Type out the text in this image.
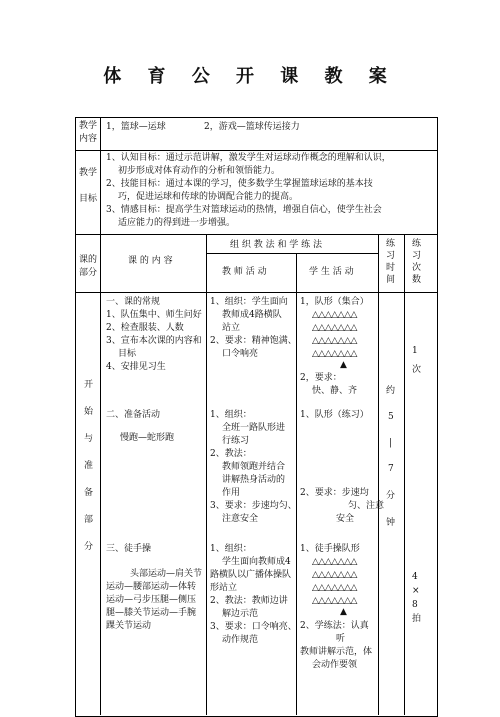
体 育 公 开 课 教 案
教学
内容
1，篮球—运球	2，游戏—篮球传运接力
教学
目标
1、认知目标：通过示范讲解，激发学生对运球动作概念的理解和认识，
初步形成对体育动作的分析和领悟能力。
2、技能目标：通过本课的学习，使多数学生掌握篮球运球的基本技
巧，促进运球和传球的协调配合能力的提高。
3、情感目标：提高学生对篮球运动的热情，增强自信心，使学生社会
适应能力的得到进一步增强。
课的
部分
课 的 内 容
组 织 教 法 和 学 练 法
教 师 活 动	学 生 活 动
练
习
时
间
练
习
次
数
开
始
与
准
备
部
分
一、课的常规
1、队伍集中、师生问好
2、检查服装、人数
3、宣布本次课的内容和
目标
4、安排见习生
二、准备活动
慢跑—蛇形跑
三、徒手操
头部运动—肩关节
运动—腰部运动—体转
运动—弓步压腿—侧压
腿—膝关节运动—手腕
踝关节运动
1、组织：学生面向
教师成4路横队
站立
2、要求：精神饱满、
口令响亮
1、组织：
全班一路队形进
行练习
2、教法：
教师领跑并结合
讲解热身活动的
作用
3、要求：步速均匀、
注意安全
1、组织：
学生面向教师成4
路横队以广播体操队
形站立
2、教法：教师边讲
解边示范
3、要求：口令响亮、
动作规范
1，队形（集合）
△△△△△△△
△△△△△△△
△△△△△△△
△△△△△△△
▲
2，要求：
快、静、齐
1、队形（练习）
2、要求：步速均
匀、注意
安全
1、徒手操队形
△△△△△△△
△△△△△△△
△△△△△△△
△△△△△△△
▲
2、学练法：认真
听
教师讲解示范，体
会动作要领
约
5
|
7
分
钟
1
次
4
×
8
拍
